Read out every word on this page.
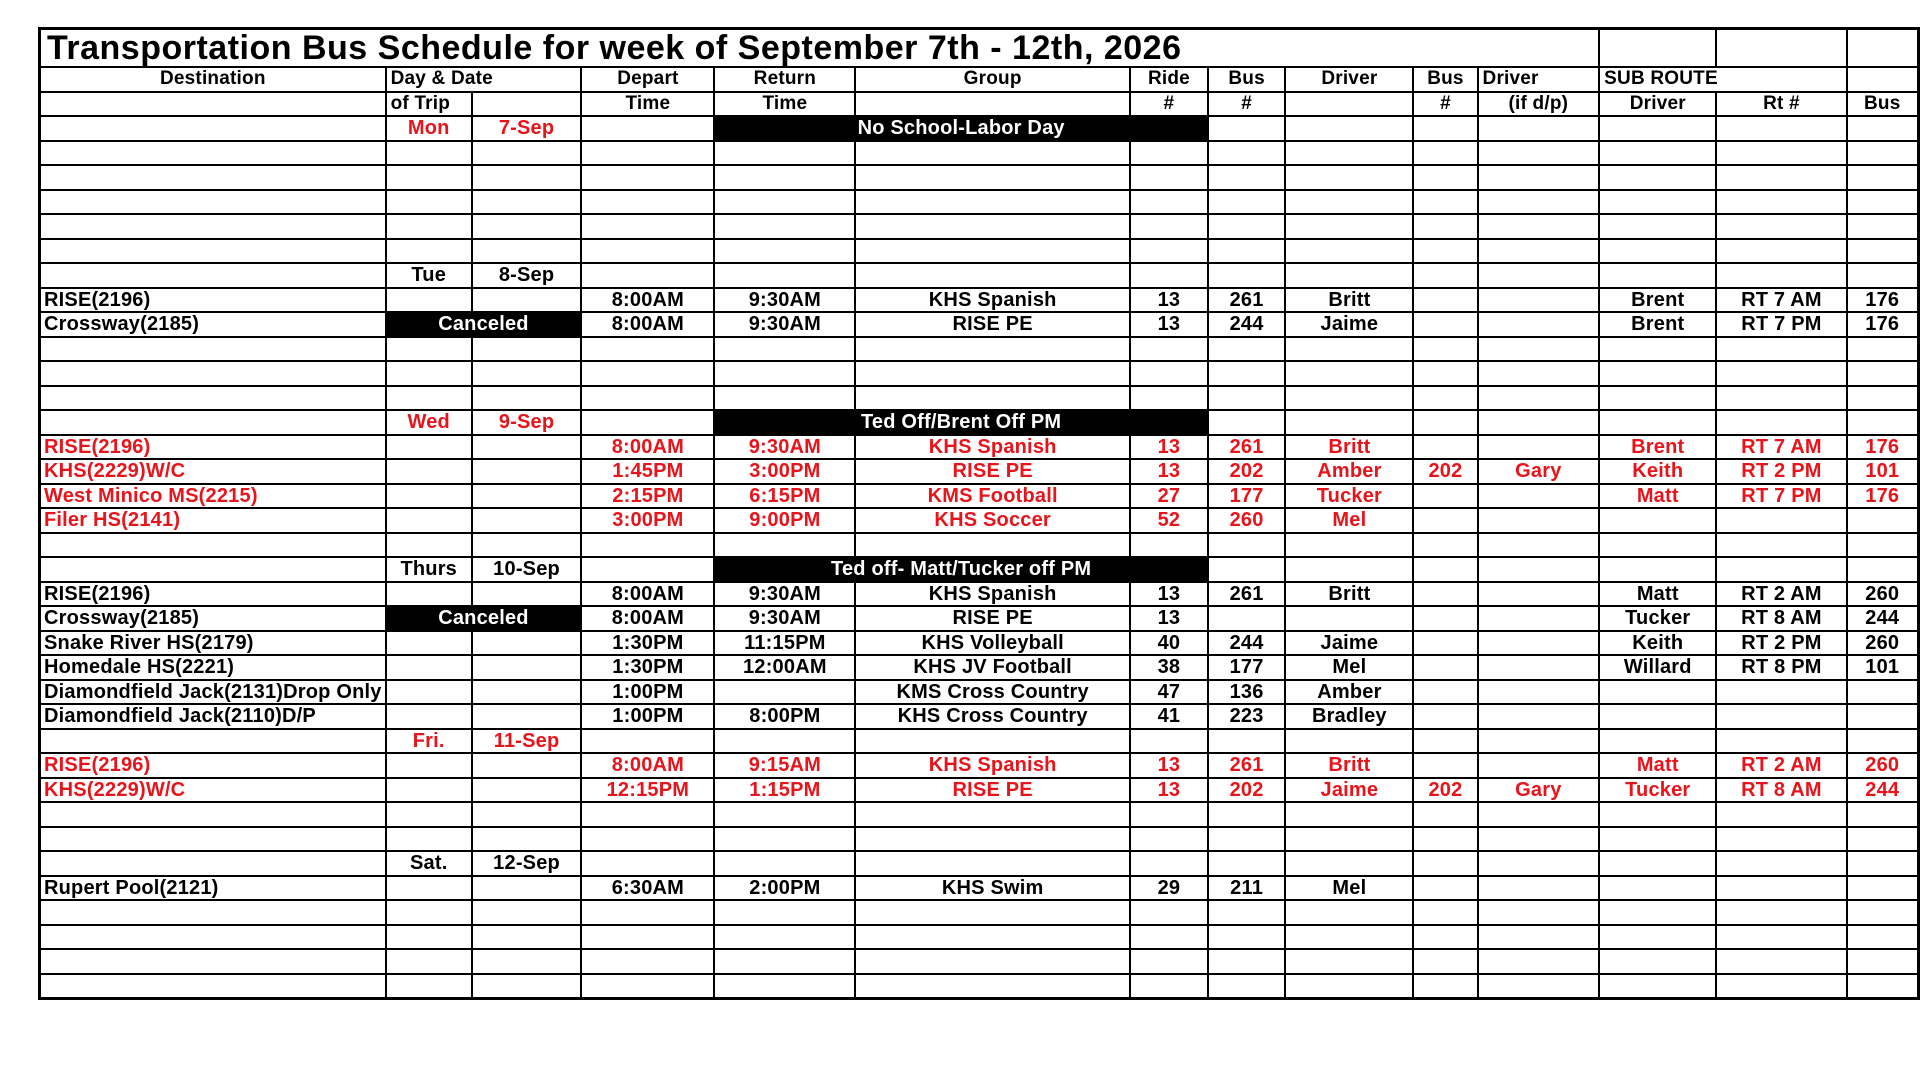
Transportation Bus Schedule for week of September 7th - 12th, 2026													
Destination	Day & Date		Depart	Return	Group	Ride	Bus	Driver	Bus	Driver	SUB ROUTE		
	of Trip		Time	Time		#	#		#	(if d/p)	Driver	Rt #	Bus
	Mon	7-Sep		No School-Labor Day									

	Tue	8-Sep											
RISE(2196)			8:00AM	9:30AM	KHS Spanish	13	261	Britt			Brent	RT 7 AM	176
Crossway(2185)	Canceled		8:00AM	9:30AM	RISE PE	13	244	Jaime			Brent	RT 7 PM	176

	Wed	9-Sep		Ted Off/Brent Off PM									
RISE(2196)			8:00AM	9:30AM	KHS Spanish	13	261	Britt			Brent	RT 7 AM	176
KHS(2229)W/C			1:45PM	3:00PM	RISE PE	13	202	Amber	202	Gary	Keith	RT 2 PM	101
West Minico MS(2215)			2:15PM	6:15PM	KMS Football	27	177	Tucker			Matt	RT 7 PM	176
Filer HS(2141)			3:00PM	9:00PM	KHS Soccer	52	260	Mel					

	Thurs	10-Sep		Ted off- Matt/Tucker off PM									
RISE(2196)			8:00AM	9:30AM	KHS Spanish	13	261	Britt			Matt	RT 2 AM	260
Crossway(2185)	Canceled		8:00AM	9:30AM	RISE PE	13					Tucker	RT 8 AM	244
Snake River HS(2179)			1:30PM	11:15PM	KHS Volleyball	40	244	Jaime			Keith	RT 2 PM	260
Homedale HS(2221)			1:30PM	12:00AM	KHS JV Football	38	177	Mel			Willard	RT 8 PM	101
Diamondfield Jack(2131)Drop Only			1:00PM		KMS Cross Country	47	136	Amber					
Diamondfield Jack(2110)D/P			1:00PM	8:00PM	KHS Cross Country	41	223	Bradley					
	Fri.	11-Sep											
RISE(2196)			8:00AM	9:15AM	KHS Spanish	13	261	Britt			Matt	RT 2 AM	260
KHS(2229)W/C			12:15PM	1:15PM	RISE PE	13	202	Jaime	202	Gary	Tucker	RT 8 AM	244

	Sat.	12-Sep											
Rupert Pool(2121)			6:30AM	2:00PM	KHS Swim	29	211	Mel					
